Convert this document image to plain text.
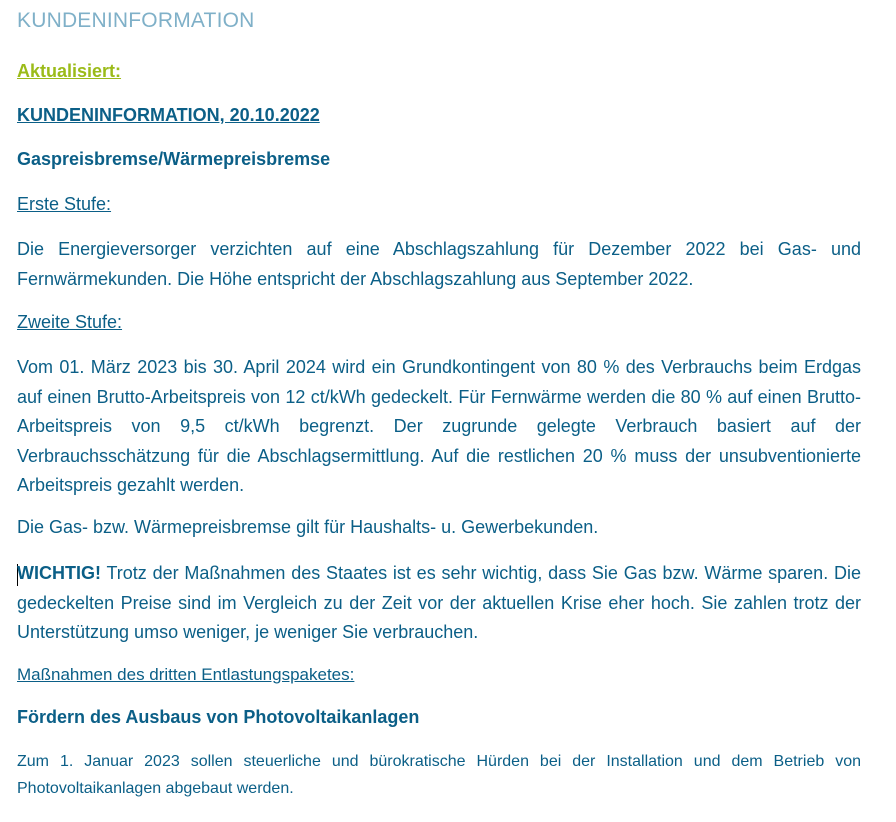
KUNDENINFORMATION
Aktualisiert:
KUNDENINFORMATION, 20.10.2022
Gaspreisbremse/Wärmepreisbremse
Erste Stufe:
Die Energieversorger verzichten auf eine Abschlagszahlung für Dezember 2022 bei Gas- und Fernwärmekunden. Die Höhe entspricht der Abschlagszahlung aus September 2022.
Zweite Stufe:
Vom 01. März 2023 bis 30. April 2024 wird ein Grundkontingent von 80 % des Verbrauchs beim Erdgas auf einen Brutto-Arbeitspreis von 12 ct/kWh gedeckelt. Für Fernwärme werden die 80 % auf einen Brutto-Arbeitspreis von 9,5 ct/kWh begrenzt. Der zugrunde gelegte Verbrauch basiert auf der Verbrauchsschätzung für die Abschlagsermittlung. Auf die restlichen 20 % muss der unsubventionierte Arbeitspreis gezahlt werden.
Die Gas- bzw. Wärmepreisbremse gilt für Haushalts- u. Gewerbekunden.
WICHTIG! Trotz der Maßnahmen des Staates ist es sehr wichtig, dass Sie Gas bzw. Wärme sparen. Die gedeckelten Preise sind im Vergleich zu der Zeit vor der aktuellen Krise eher hoch. Sie zahlen trotz der Unterstützung umso weniger, je weniger Sie verbrauchen.
Maßnahmen des dritten Entlastungspaketes:
Fördern des Ausbaus von Photovoltaikanlagen
Zum 1. Januar 2023 sollen steuerliche und bürokratische Hürden bei der Installation und dem Betrieb von Photovoltaikanlagen abgebaut werden.
